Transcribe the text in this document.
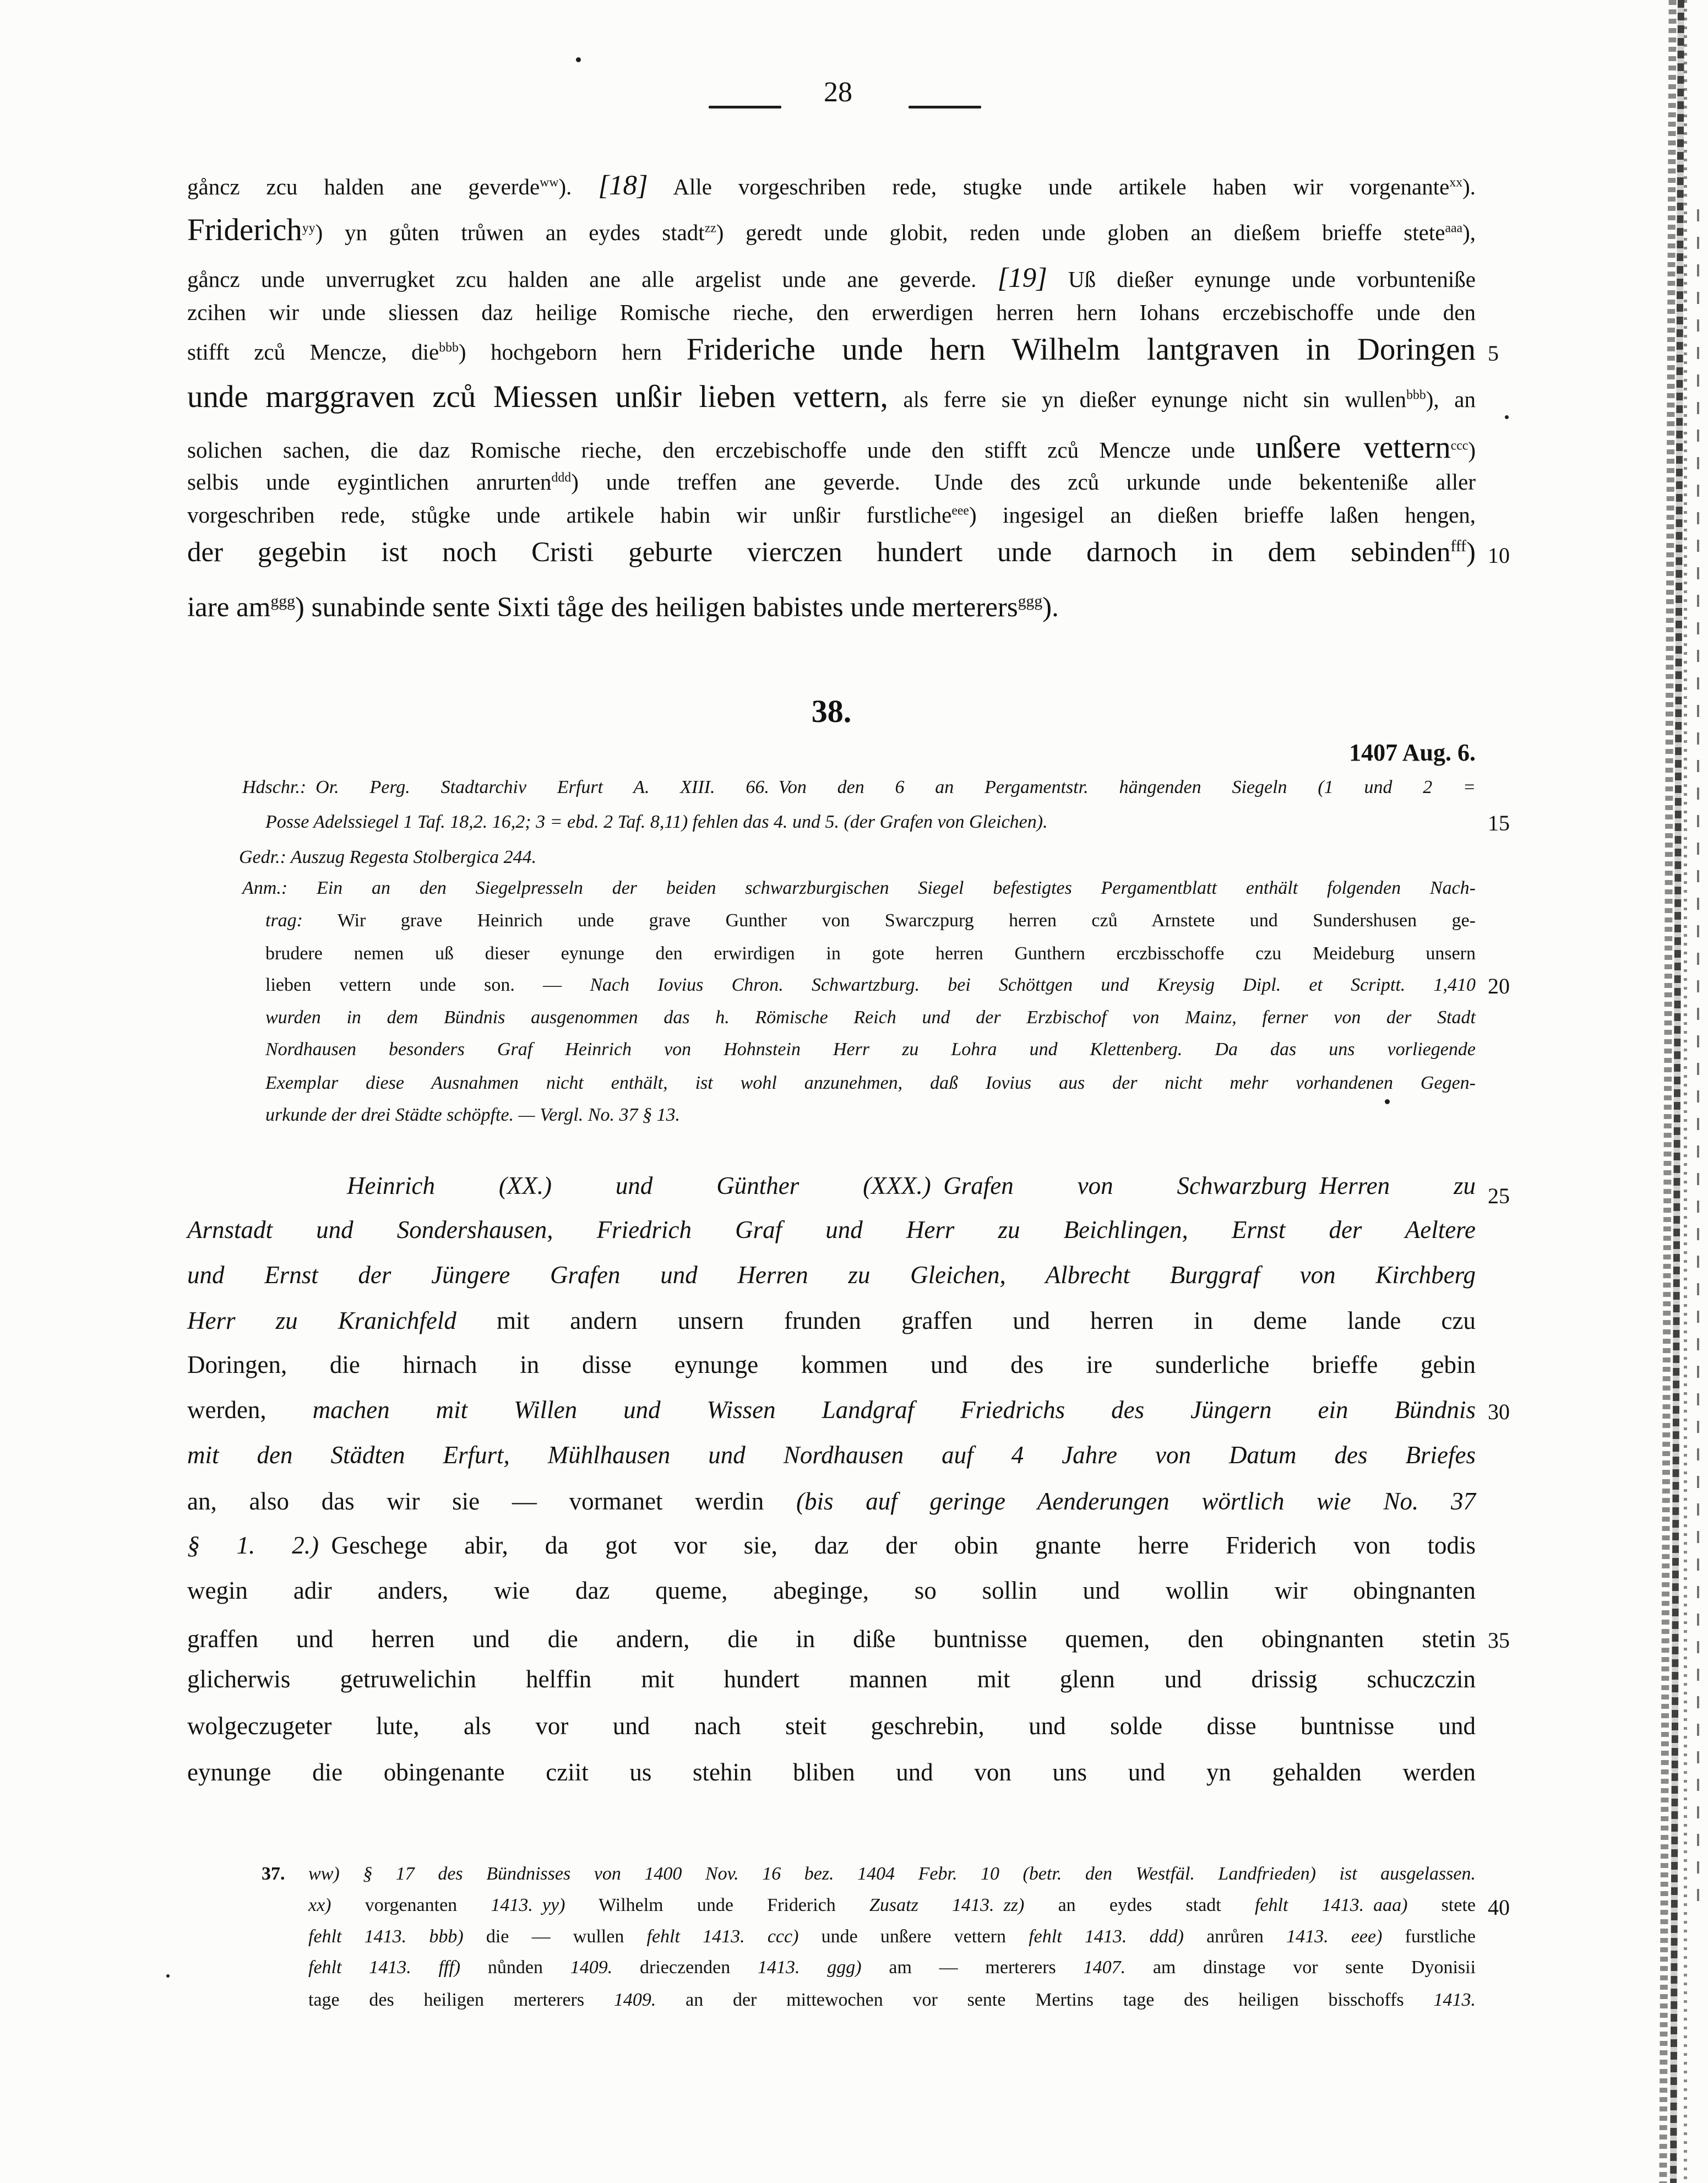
28
gåncz zcu halden ane geverde$^{ww}$). [18] Alle vorgeschriben rede, stugke unde artikele haben wir vorgenante$^{xx}$).
Friderich$^{yy}$) yn gůten trůwen an eydes stadt$^{zz}$) geredt unde globit, reden unde globen an dießem brieffe stete$^{aaa}$),
gåncz unde unverrugket zcu halden ane alle argelist unde ane geverde. [19] Uß dießer eynunge unde vorbunteniße
zcihen wir unde sliessen daz heilige Romische rieche, den erwerdigen herren hern Iohans erczebischoffe unde den
stifft zců Mencze, die$^{bbb}$) hochgeborn hern Frideriche unde hern Wilhelm lantgraven in Doringen
unde marggraven zců Miessen unßir lieben vettern, als ferre sie yn dießer eynunge nicht sin wullen$^{bbb}$), an
solichen sachen, die daz Romische rieche, den erczebischoffe unde den stifft zců Mencze unde unßere vettern$^{ccc}$)
selbis unde eygintlichen anrurten$^{ddd}$) unde treffen ane geverde.  Unde des zců urkunde unde bekenteniße aller
vorgeschriben rede, stůgke unde artikele habin wir unßir furstliche$^{eee}$) ingesigel an dießen brieffe laßen hengen,
der gegebin ist noch Cristi geburte vierczen hundert unde darnoch in dem sebinden$^{fff}$)
iare $am^{ggg}$) sunabinde sente Sixti tåge des heiligen babistes unde merterers$^{ggg}$).
38.
1407 Aug. 6.
Hdschr.: Or. Perg. Stadtarchiv Erfurt A. XIII. 66. Von den 6 an Pergamentstr. hängenden Siegeln (1 und 2 =
Posse Adelssiegel 1 Taf. 18,2. 16,2; 3 = ebd. 2 Taf. 8,11) fehlen das 4. und 5. (der Grafen von Gleichen).
Gedr.: Auszug Regesta Stolbergica 244.
Anm.: Ein an den Siegelpresseln der beiden schwarzburgischen Siegel befestigtes Pergamentblatt enthält folgenden Nach-
trag: Wir grave Heinrich unde grave Gunther von Swarczpurg herren czů Arnstete und Sundershusen ge-
brudere nemen uß dieser eynunge den erwirdigen in gote herren Gunthern erczbisschoffe czu Meideburg unsern
lieben vettern unde son. — Nach Iovius Chron. Schwartzburg. bei Schöttgen und Kreysig Dipl. et Scriptt. 1,410
wurden in dem Bündnis ausgenommen das h. Römische Reich und der Erzbischof von Mainz, ferner von der Stadt
Nordhausen besonders Graf Heinrich von Hohnstein Herr zu Lohra und Klettenberg. Da das uns vorliegende
Exemplar diese Ausnahmen nicht enthält, ist wohl anzunehmen, daß Iovius aus der nicht mehr vorhandenen Gegen-
urkunde der drei Städte schöpfte. — Vergl. No. 37 § 13.
Heinrich (XX.) und Günther (XXX.) Grafen von Schwarzburg Herren zu
Arnstadt und Sondershausen, Friedrich Graf und Herr zu Beichlingen, Ernst der Aeltere
und Ernst der Jüngere Grafen und Herren zu Gleichen, Albrecht Burggraf von Kirchberg
Herr zu Kranichfeld mit andern unsern frunden graffen und herren in deme lande czu
Doringen, die hirnach in disse eynunge kommen und des ire sunderliche brieffe gebin
werden, machen mit Willen und Wissen Landgraf Friedrichs des Jüngern ein Bündnis
mit den Städten Erfurt, Mühlhausen und Nordhausen auf 4 Jahre von Datum des Briefes
an, also das wir sie — vormanet werdin (bis auf geringe Aenderungen wörtlich wie No. 37
§ 1. 2.) Geschege abir, da got vor sie, daz der obin gnante herre Friderich von todis
wegin adir anders, wie daz queme, abeginge, so sollin und wollin wir obingnanten
graffen und herren und die andern, die in diße buntnisse quemen, den obingnanten stetin
glicherwis getruwelichin helffin mit hundert mannen mit glenn und drissig schuczczin
wolgeczugeter lute, als vor und nach steit geschrebin, und solde disse buntnisse und
eynunge die obingenante cziit us stehin bliben und von uns und yn gehalden werden
37. ww) § 17 des Bündnisses von 1400 Nov. 16 bez. 1404 Febr. 10 (betr. den Westfäl. Landfrieden) ist ausgelassen.
xx) vorgenanten 1413.  yy) Wilhelm unde Friderich Zusatz 1413.  zz) an eydes stadt fehlt 1413.  aaa) stete
fehlt 1413. bbb) die — wullen fehlt 1413. ccc) unde unßere vettern fehlt 1413. ddd) anrůren 1413. eee) furstliche
fehlt 1413. fff) nůnden 1409. drieczenden 1413. ggg) am — merterers 1407. am dinstage vor sente Dyonisii
tage des heiligen merterers 1409. an der mittewochen vor sente Mertins tage des heiligen bisschoffs 1413.
5
10
15
20
25
30
35
40
